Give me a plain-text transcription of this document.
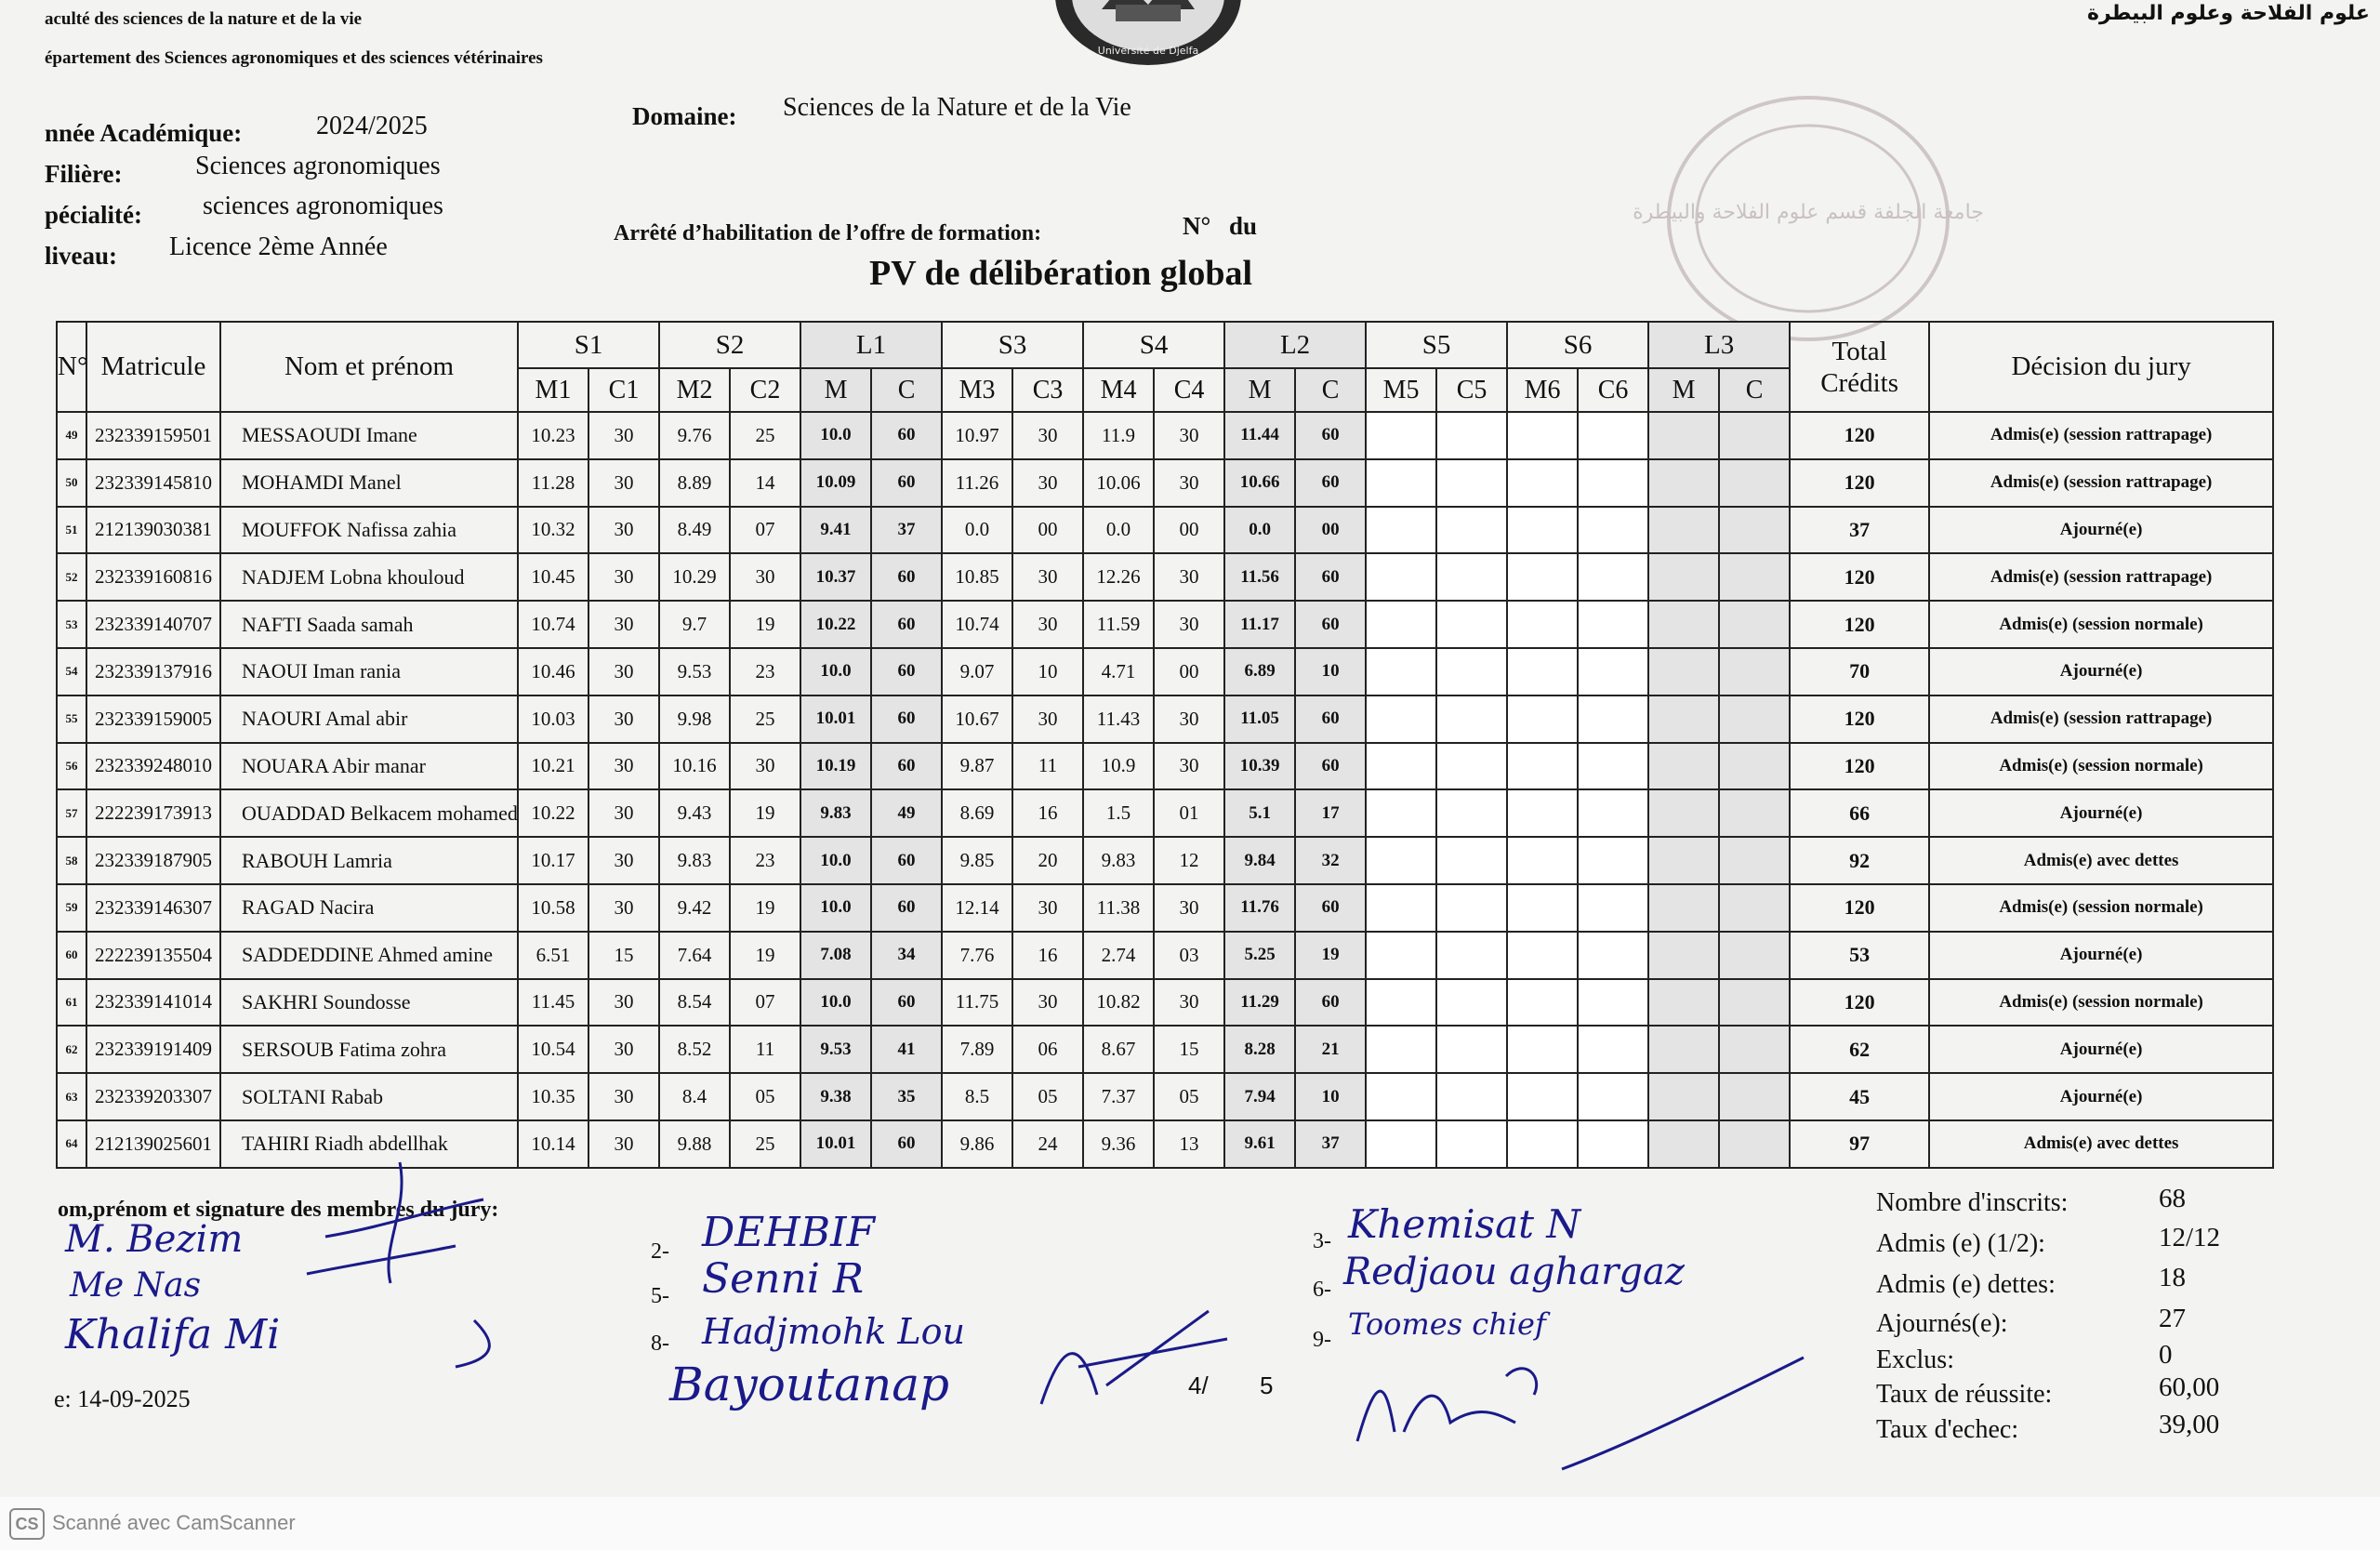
aculté des sciences de la nature et de la vie
épartement des Sciences agronomiques et des sciences vétérinaires
علوم الفلاحة وعلوم البيطرة
Université de Djelfa
جامعة الجلفة قسم علوم الفلاحة والبيطرة
nnée Académique:	2024/2025
Filière:	Sciences agronomiques
pécialité: sciences agronomiques
liveau: Licence 2ème Année
Domaine: Sciences de la Nature et de la Vie
Arrêté d’habilitation de l’offre de formation:	N° du
PV de délibération global
N°	Matricule	Nom et prénom	S1		S2		L1		S3		S4		L2		S5		S6		L3		Total Crédits	Décision du jury
			M1	C1	M2	C2	M	C	M3	C3	M4	C4	M	C	M5	C5	M6	C6	M	C		
49	232339159501	MESSAOUDI Imane	10.23	30	9.76	25	10.0	60	10.97	30	11.9	30	11.44	60							120	Admis(e) (session rattrapage)
50	232339145810	MOHAMDI Manel	11.28	30	8.89	14	10.09	60	11.26	30	10.06	30	10.66	60							120	Admis(e) (session rattrapage)
51	212139030381	MOUFFOK Nafissa zahia	10.32	30	8.49	07	9.41	37	0.0	00	0.0	00	0.0	00							37	Ajourné(e)
52	232339160816	NADJEM Lobna khouloud	10.45	30	10.29	30	10.37	60	10.85	30	12.26	30	11.56	60							120	Admis(e) (session rattrapage)
53	232339140707	NAFTI Saada samah	10.74	30	9.7	19	10.22	60	10.74	30	11.59	30	11.17	60							120	Admis(e) (session normale)
54	232339137916	NAOUI Iman rania	10.46	30	9.53	23	10.0	60	9.07	10	4.71	00	6.89	10							70	Ajourné(e)
55	232339159005	NAOURI Amal abir	10.03	30	9.98	25	10.01	60	10.67	30	11.43	30	11.05	60							120	Admis(e) (session rattrapage)
56	232339248010	NOUARA Abir manar	10.21	30	10.16	30	10.19	60	9.87	11	10.9	30	10.39	60							120	Admis(e) (session normale)
57	222239173913	OUADDAD Belkacem mohamed	10.22	30	9.43	19	9.83	49	8.69	16	1.5	01	5.1	17							66	Ajourné(e)
58	232339187905	RABOUH Lamria	10.17	30	9.83	23	10.0	60	9.85	20	9.83	12	9.84	32							92	Admis(e) avec dettes
59	232339146307	RAGAD Nacira	10.58	30	9.42	19	10.0	60	12.14	30	11.38	30	11.76	60							120	Admis(e) (session normale)
60	222239135504	SADDEDDINE Ahmed amine	6.51	15	7.64	19	7.08	34	7.76	16	2.74	03	5.25	19							53	Ajourné(e)
61	232339141014	SAKHRI Soundosse	11.45	30	8.54	07	10.0	60	11.75	30	10.82	30	11.29	60							120	Admis(e) (session normale)
62	232339191409	SERSOUB Fatima zohra	10.54	30	8.52	11	9.53	41	7.89	06	8.67	15	8.28	21							62	Ajourné(e)
63	232339203307	SOLTANI Rabab	10.35	30	8.4	05	9.38	35	8.5	05	7.37	05	7.94	10							45	Ajourné(e)
64	212139025601	TAHIRI Riadh abdellhak	10.14	30	9.88	25	10.01	60	9.86	24	9.36	13	9.61	37							97	Admis(e) avec dettes
om,prénom et signature des membres du jury:
M. Bezim
Me Nas
Khalifa Mi
2- DEHBIF
5- Senni R
8- Hadjmohk Lou
Bayoutanap	4/ 5
3- Khemisat N
6- Redjaou aghargaz
9- Toomes chief
e: 14-09-2025
Nombre d'inscrits:	68
Admis (e) (1/2):	12/12
Admis (e) dettes:	18
Ajournés(e):	27
Exclus:	0
Taux de réussite:	60,00
Taux d'echec:	39,00
CS Scanné avec CamScanner
